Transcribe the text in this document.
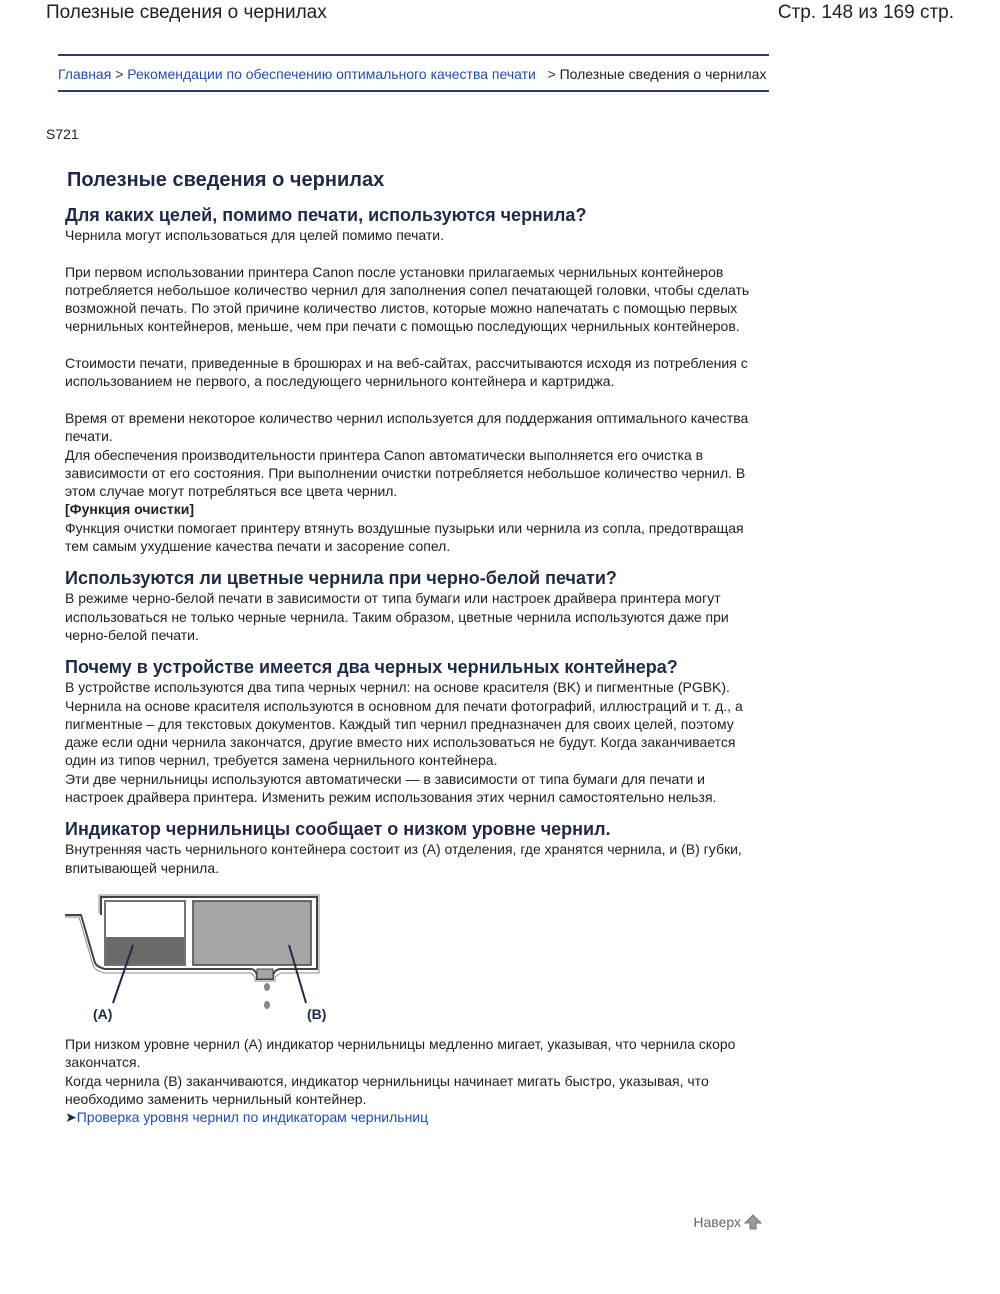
Полезные сведения о чернилах	Стр. 148 из 169 стр.
Главная > Рекомендации по обеспечению оптимального качества печати > Полезные сведения о чернилах
S721
Полезные сведения о чернилах
Для каких целей, помимо печати, используются чернила?

Чернила могут использоваться для целей помимо печати.

При первом использовании принтера Canon после установки прилагаемых чернильных контейнеров потребляется небольшое количество чернил для заполнения сопел печатающей головки, чтобы сделать возможной печать. По этой причине количество листов, которые можно напечатать с помощью первых чернильных контейнеров, меньше, чем при печати с помощью последующих чернильных контейнеров.

Стоимости печати, приведенные в брошюрах и на веб-сайтах, рассчитываются исходя из потребления с использованием не первого, а последующего чернильного контейнера и картриджа.

Время от времени некоторое количество чернил используется для поддержания оптимального качества печати.

Для обеспечения производительности принтера Canon автоматически выполняется его очистка в зависимости от его состояния. При выполнении очистки потребляется небольшое количество чернил. В этом случае могут потребляться все цвета чернил.

[Функция очистки]

Функция очистки помогает принтеру втянуть воздушные пузырьки или чернила из сопла, предотвращая тем самым ухудшение качества печати и засорение сопел.

Используются ли цветные чернила при черно-белой печати?

В режиме черно-белой печати в зависимости от типа бумаги или настроек драйвера принтера могут использоваться не только черные чернила. Таким образом, цветные чернила используются даже при черно-белой печати.

Почему в устройстве имеется два черных чернильных контейнера?

В устройстве используются два типа черных чернил: на основе красителя (BK) и пигментные (PGBK).

Чернила на основе красителя используются в основном для печати фотографий, иллюстраций и т. д., а пигментные – для текстовых документов. Каждый тип чернил предназначен для своих целей, поэтому даже если одни чернила закончатся, другие вместо них использоваться не будут. Когда заканчивается один из типов чернил, требуется замена чернильного контейнера.

Эти две чернильницы используются автоматически — в зависимости от типа бумаги для печати и настроек драйвера принтера. Изменить режим использования этих чернил самостоятельно нельзя.

Индикатор чернильницы сообщает о низком уровне чернил.

Внутренняя часть чернильного контейнера состоит из (A) отделения, где хранятся чернила, и (B) губки, впитывающей чернила.

(A)	(B)

При низком уровне чернил (A) индикатор чернильницы медленно мигает, указывая, что чернила скоро закончатся.

Когда чернила (B) заканчиваются, индикатор чернильницы начинает мигать быстро, указывая, что необходимо заменить чернильный контейнер.

➤Проверка уровня чернил по индикаторам чернильниц
Наверх
